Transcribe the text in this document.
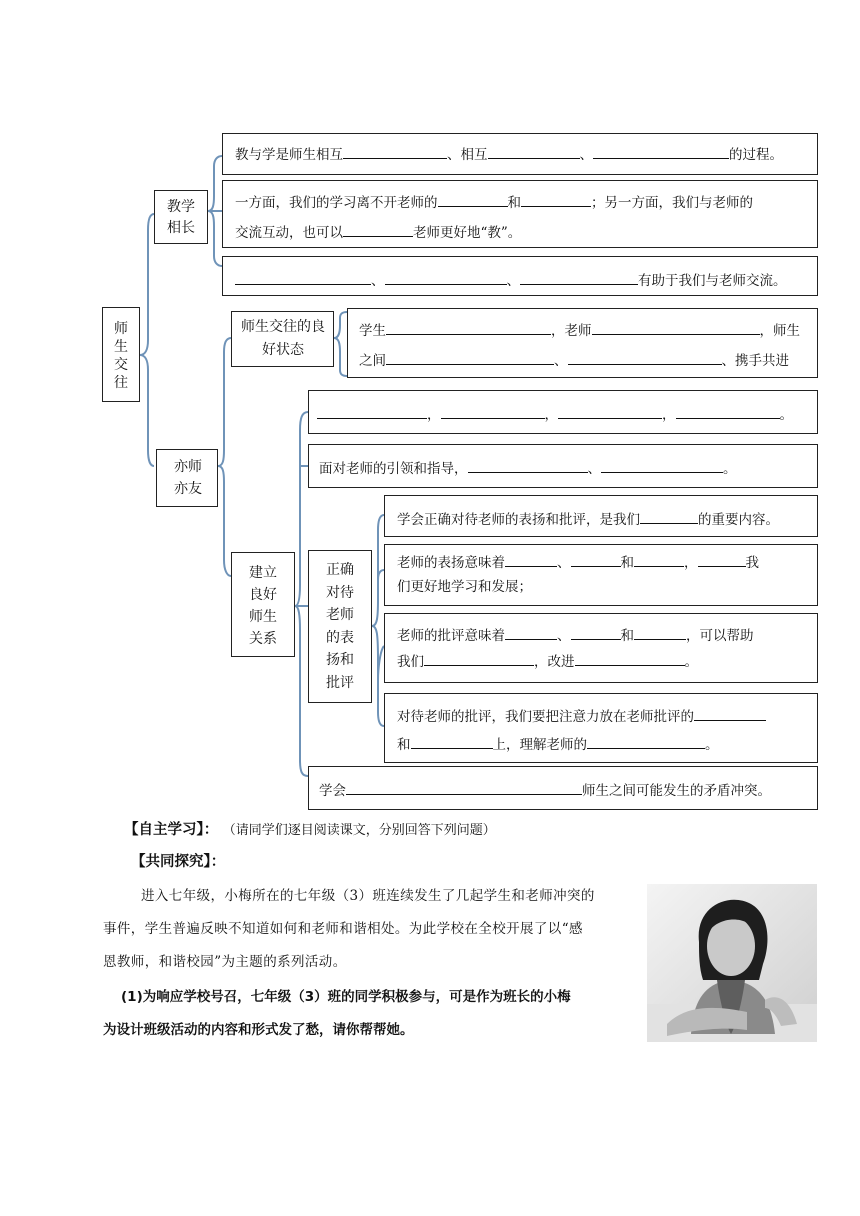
师生交往
教学相长
教与学是师生相互	、相互	、	的过程。
一方面，我们的学习离不开老师的	和	；另一方面，我们与老师的
交流互动，也可以	老师更好地“教”。
、	、	有助于我们与老师交流。
亦师亦友
师生交往的良好状态
学生	，老师	，师生
之间	、	、携手共进
建立良好师生关系
，	，	，	。
面对老师的引领和指导，	、	。
正确对待老师的表扬和批评
学会正确对待老师的表扬和批评，是我们	的重要内容。
老师的表扬意味着	、	和	，	我
们更好地学习和发展；
老师的批评意味着	、	和	，可以帮助
我们	，改进	。
对待老师的批评，我们要把注意力放在老师批评的
和	上，理解老师的	。
学会	师生之间可能发生的矛盾冲突。
【自主学习】： （请同学们逐目阅读课文，分别回答下列问题）
【共同探究】：
进入七年级，小梅所在的七年级（3）班连续发生了几起学生和老师冲突的
事件，学生普遍反映不知道如何和老师和谐相处。为此学校在全校开展了以“感
恩教师，和谐校园”为主题的系列活动。
(1)为响应学校号召，七年级（3）班的同学积极参与，可是作为班长的小梅
为设计班级活动的内容和形式发了愁，请你帮帮她。
